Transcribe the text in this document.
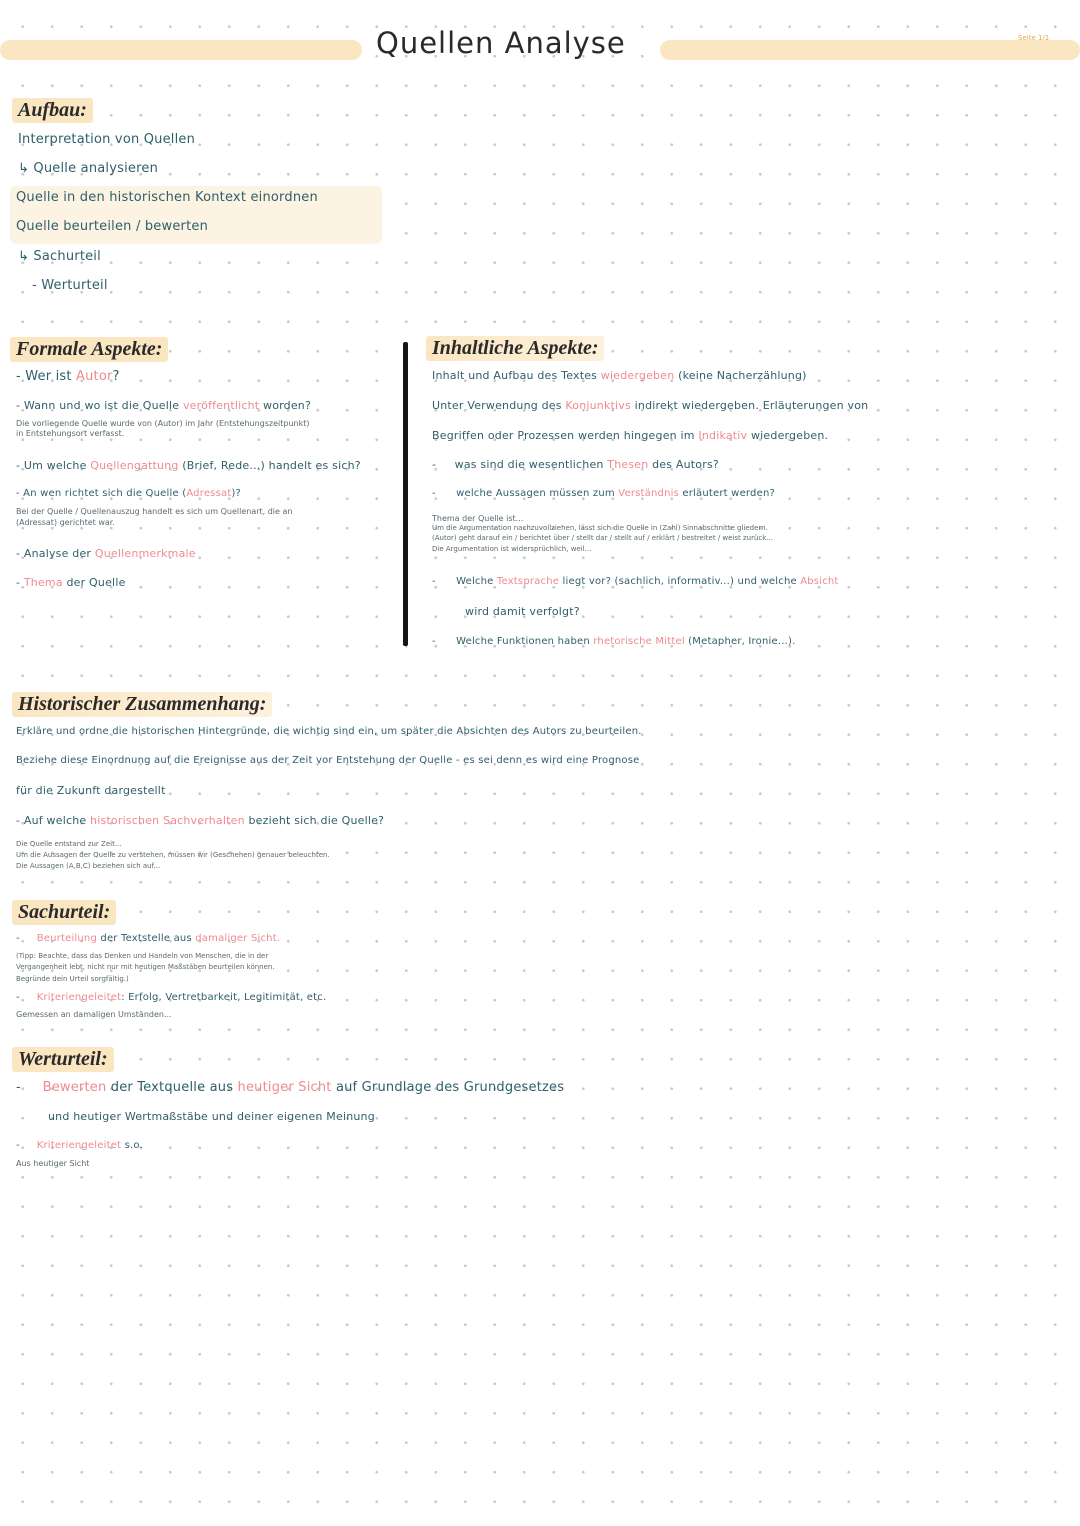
Quellen Analyse	Seite 1/1
Aufbau:
Interpretation von Quellen
↳ Quelle analysieren
Quelle in den historischen Kontext einordnen
Quelle beurteilen / bewerten
↳ Sachurteil
- Werturteil
Formale Aspekte:
- Wer ist Autor?
- Wann und wo ist die Quelle veröffentlicht worden?
Die vorliegende Quelle wurde von (Autor) im Jahr (Entstehungszeitpunkt)
in Entstehungsort verfasst.
- Um welche Quellengattung (Brief, Rede...) handelt es sich?
- An wen richtet sich die Quelle (Adressat)?
Bei der Quelle / Quellenauszug handelt es sich um Quellenart, die an
(Adressat) gerichtet war.
- Analyse der Quellenmerkmale
- Thema der Quelle
Inhaltliche Aspekte:
Inhalt und Aufbau des Textes wiedergeben (keine Nacherzählung)
Unter Verwendung des Konjunktivs indirekt wiedergeben. Erläuterungen von
Begriffen oder Prozessen werden hingegen im Indikativ wiedergeben.
-     was sind die wesentlichen Thesen des Autors?
-      welche Aussagen müssen zum Verständnis erläutert werden?
Thema der Quelle ist...
Um die Argumentation nachzuvollziehen, lässt sich die Quelle in (Zahl) Sinnabschnitte gliedern.
(Autor) geht darauf ein / berichtet über / stellt dar / stellt auf / erklärt / bestreitet / weist zurück...
Die Argumentation ist widersprüchlich, weil...
-      Welche Textsprache liegt vor? (sachlich, informativ...) und welche Absicht
wird damit verfolgt?
-      Welche Funktionen haben rhetorische Mittel (Metapher, Ironie...).
Historischer Zusammenhang:
Erkläre und ordne die historischen Hintergründe, die wichtig sind ein, um später die Absichten des Autors zu beurteilen.
Beziehe diese Einordnung auf die Ereignisse aus der Zeit vor Entstehung der Quelle - es sei denn es wird eine Prognose
für die Zukunft dargestellt
- Auf welche historischen Sachverhalten bezieht sich die Quelle?
Die Quelle entstand zur Zeit...
Um die Aussagen der Quelle zu verstehen, müssen wir (Geschehen) genauer beleuchten.
Die Aussagen (A,B,C) beziehen sich auf...
Sachurteil:
-     Beurteilung der Textstelle aus damaliger Sicht.
(Tipp: Beachte, dass das Denken und Handeln von Menschen, die in der
Vergangenheit lebt, nicht nur mit heutigen Maßstäben beurteilen können.
Begründe dein Urteil sorgfältig.)
-     Kriteriengeleitet: Erfolg, Vertretbarkeit, Legitimität, etc.
Gemessen an damaligen Umständen...
Werturteil:
-     Bewerten der Textquelle aus heutiger Sicht auf Grundlage des Grundgesetzes
und heutiger Wertmaßstäbe und deiner eigenen Meinung
-     Kriteriengeleitet s.o.
Aus heutiger Sicht
